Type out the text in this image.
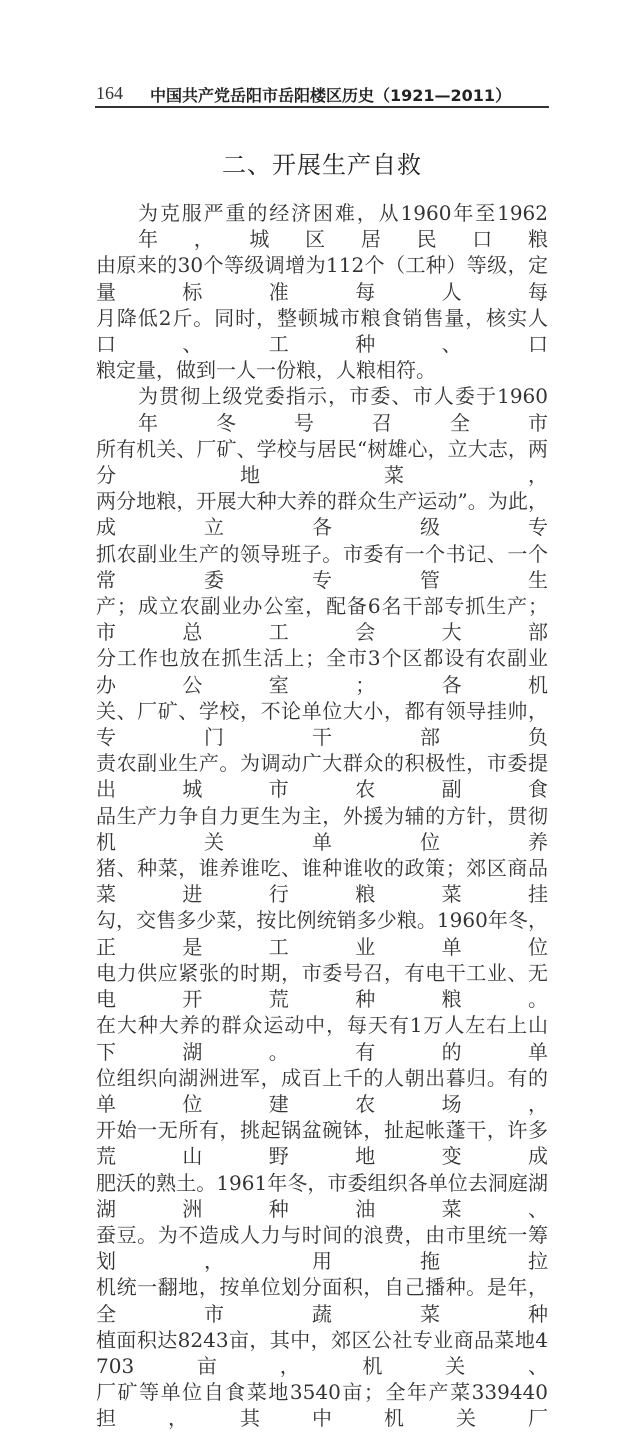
164 中国共产党岳阳市岳阳楼区历史（1921—2011）
二、开展生产自救
为克服严重的经济困难，从1960年至1962年，城区居民口粮
由原来的30个等级调增为112个（工种）等级，定量标准每人每
月降低2斤。同时，整顿城市粮食销售量，核实人口、工种、口
粮定量，做到一人一份粮，人粮相符。
为贯彻上级党委指示，市委、市人委于1960年冬号召全市
所有机关、厂矿、学校与居民“树雄心，立大志，两分地菜，
两分地粮，开展大种大养的群众生产运动”。为此，成立各级专
抓农副业生产的领导班子。市委有一个书记、一个常委专管生
产；成立农副业办公室，配备6名干部专抓生产；市总工会大部
分工作也放在抓生活上；全市3个区都设有农副业办公室；各机
关、厂矿、学校，不论单位大小，都有领导挂帅，专门干部负
责农副业生产。为调动广大群众的积极性，市委提出城市农副食
品生产力争自力更生为主，外援为辅的方针，贯彻机关单位养
猪、种菜，谁养谁吃、谁种谁收的政策；郊区商品菜进行粮菜挂
勾，交售多少菜，按比例统销多少粮。1960年冬，正是工业单位
电力供应紧张的时期，市委号召，有电干工业、无电开荒种粮。
在大种大养的群众运动中，每天有1万人左右上山下湖。有的单
位组织向湖洲进军，成百上千的人朝出暮归。有的单位建农场，
开始一无所有，挑起锅盆碗钵，扯起帐蓬干，许多荒山野地变成
肥沃的熟土。1961年冬，市委组织各单位去洞庭湖湖洲种油菜、
蚕豆。为不造成人力与时间的浪费，由市里统一筹划，用拖拉
机统一翻地，按单位划分面积，自己播种。是年，全市蔬菜种
植面积达8243亩，其中，郊区公社专业商品菜地4703亩，机关、
厂矿等单位自食菜地3540亩；全年产菜339440担，其中机关厂
